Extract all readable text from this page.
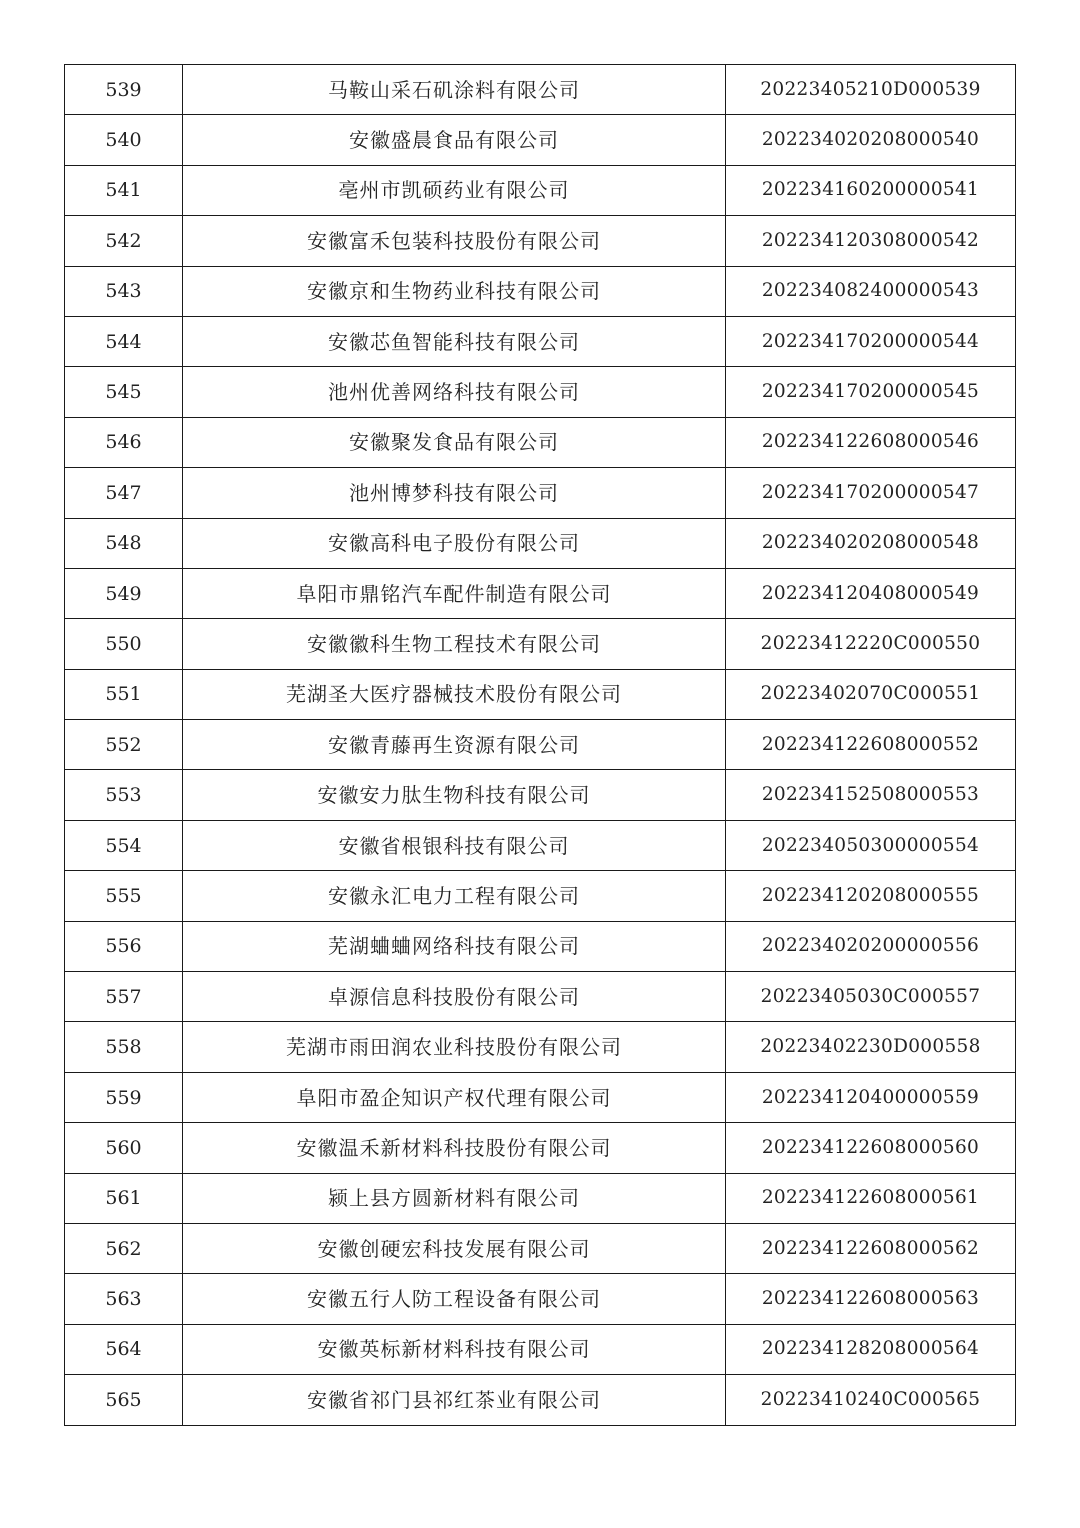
539	马鞍山采石矶涂料有限公司	20223405210D000539
540	安徽盛晨食品有限公司	202234020208000540
541	亳州市凯硕药业有限公司	202234160200000541
542	安徽富禾包装科技股份有限公司	202234120308000542
543	安徽京和生物药业科技有限公司	202234082400000543
544	安徽芯鱼智能科技有限公司	202234170200000544
545	池州优善网络科技有限公司	202234170200000545
546	安徽聚发食品有限公司	202234122608000546
547	池州博梦科技有限公司	202234170200000547
548	安徽高科电子股份有限公司	202234020208000548
549	阜阳市鼎铭汽车配件制造有限公司	202234120408000549
550	安徽徽科生物工程技术有限公司	20223412220C000550
551	芜湖圣大医疗器械技术股份有限公司	20223402070C000551
552	安徽青藤再生资源有限公司	202234122608000552
553	安徽安力肽生物科技有限公司	202234152508000553
554	安徽省根银科技有限公司	202234050300000554
555	安徽永汇电力工程有限公司	202234120208000555
556	芜湖蛐蛐网络科技有限公司	202234020200000556
557	卓源信息科技股份有限公司	20223405030C000557
558	芜湖市雨田润农业科技股份有限公司	20223402230D000558
559	阜阳市盈企知识产权代理有限公司	202234120400000559
560	安徽温禾新材料科技股份有限公司	202234122608000560
561	颍上县方圆新材料有限公司	202234122608000561
562	安徽创硬宏科技发展有限公司	202234122608000562
563	安徽五行人防工程设备有限公司	202234122608000563
564	安徽英标新材料科技有限公司	202234128208000564
565	安徽省祁门县祁红茶业有限公司	20223410240C000565
